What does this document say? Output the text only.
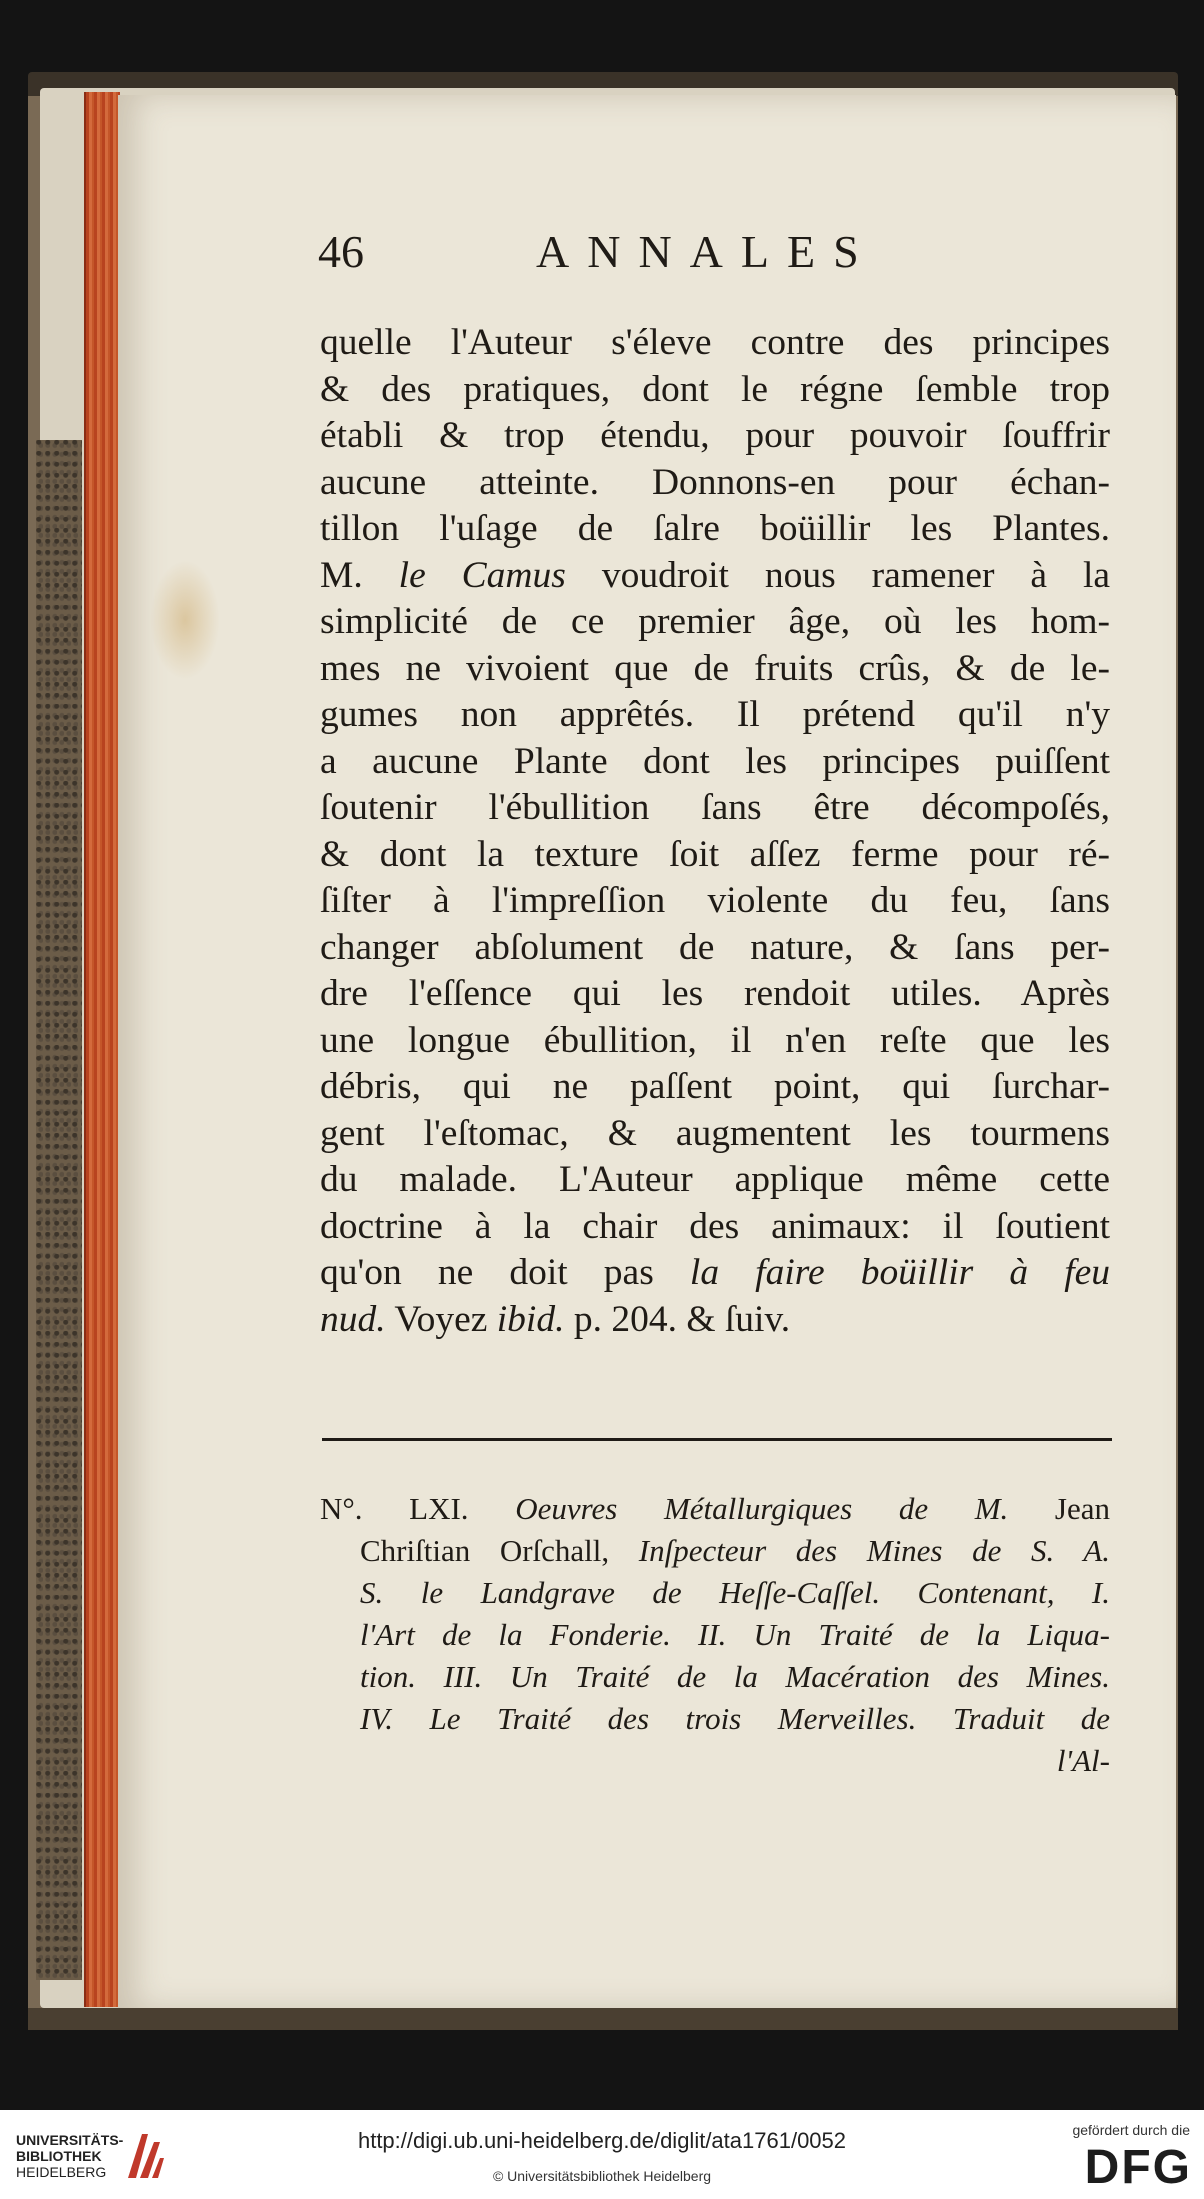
46	ANNALES
quelle l'Auteur s'éleve contre des principes
& des pratiques, dont le régne ſemble trop
établi & trop étendu, pour pouvoir ſouffrir
aucune atteinte. Donnons-en pour échan-
tillon l'uſage de ſalre boüillir les Plantes.
M. le Camus voudroit nous ramener à la
simplicité de ce premier âge, où les hom-
mes ne vivoient que de fruits crûs, & de le-
gumes non apprêtés. Il prétend qu'il n'y
a aucune Plante dont les principes puiſſent
ſoutenir l'ébullition ſans être décompoſés,
& dont la texture ſoit aſſez ferme pour ré-
ſiſter à l'impreſſion violente du feu, ſans
changer abſolument de nature, & ſans per-
dre l'eſſence qui les rendoit utiles. Après
une longue ébullition, il n'en reſte que les
débris, qui ne paſſent point, qui ſurchar-
gent l'eſtomac, & augmentent les tourmens
du malade. L'Auteur applique même cette
doctrine à la chair des animaux: il ſoutient
qu'on ne doit pas la faire boüillir à feu
nud. Voyez ibid. p. 204. & ſuiv.
N°. LXI. Oeuvres Métallurgiques de M. Jean
Chriſtian Orſchall, Inſpecteur des Mines de S. A.
S. le Landgrave de Heſſe-Caſſel. Contenant, I.
l'Art de la Fonderie. II. Un Traité de la Liqua-
tion. III. Un Traité de la Macération des Mines.
IV. Le Traité des trois Merveilles. Traduit de
l'Al-
UNIVERSITÄTS-
BIBLIOTHEK
HEIDELBERG
http://digi.ub.uni-heidelberg.de/diglit/ata1761/0052
© Universitätsbibliothek Heidelberg
gefördert durch die
DFG
